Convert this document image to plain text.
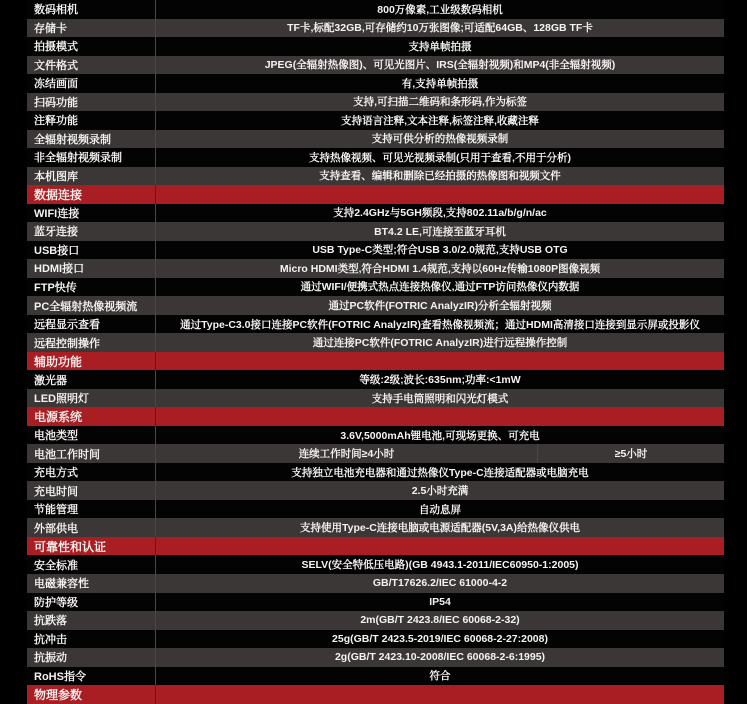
数码相机	800万像素,工业级数码相机
存储卡	TF卡,标配32GB,可存储约10万张图像;可适配64GB、128GB TF卡
拍摄模式	支持单帧拍摄
文件格式	JPEG(全辐射热像图)、可见光图片、IRS(全辐射视频)和MP4(非全辐射视频)
冻结画面	有,支持单帧拍摄
扫码功能	支持,可扫描二维码和条形码,作为标签
注释功能	支持语言注释,文本注释,标签注释,收藏注释
全辐射视频录制	支持可供分析的热像视频录制
非全辐射视频录制	支持热像视频、可见光视频录制(只用于查看,不用于分析)
本机图库	支持查看、编辑和删除已经拍摄的热像图和视频文件
数据连接
WIFI连接	支持2.4GHz与5GH频段,支持802.11a/b/g/n/ac
蓝牙连接	BT4.2 LE,可连接至蓝牙耳机
USB接口	USB Type-C类型;符合USB 3.0/2.0规范,支持USB OTG
HDMI接口	Micro HDMI类型,符合HDMI 1.4规范,支持以60Hz传输1080P图像视频
FTP快传	通过WIFI/便携式热点连接热像仪,通过FTP访问热像仪内数据
PC全辐射热像视频流	通过PC软件(FOTRIC AnalyzIR)分析全辐射视频
远程显示查看	通过Type-C3.0接口连接PC软件(FOTRIC AnalyzIR)查看热像视频流；通过HDMI高清接口连接到显示屏或投影仪
远程控制操作	通过连接PC软件(FOTRIC AnalyzIR)进行远程操作控制
辅助功能
激光器	等级:2级;波长:635nm;功率:<1mW
LED照明灯	支持手电筒照明和闪光灯模式
电源系统
电池类型	3.6V,5000mAh锂电池,可现场更换、可充电
电池工作时间	连续工作时间≥4小时	≥5小时
充电方式	支持独立电池充电器和通过热像仪Type-C连接适配器或电脑充电
充电时间	2.5小时充满
节能管理	自动息屏
外部供电	支持使用Type-C连接电脑或电源适配器(5V,3A)给热像仪供电
可靠性和认证
安全标准	SELV(安全特低压电路)(GB 4943.1-2011/IEC60950-1:2005)
电磁兼容性	GB/T17626.2/IEC 61000-4-2
防护等级	IP54
抗跌落	2m(GB/T 2423.8/IEC 60068-2-32)
抗冲击	25g(GB/T 2423.5-2019/IEC 60068-2-27:2008)
抗振动	2g(GB/T 2423.10-2008/IEC 60068-2-6:1995)
RoHS指令	符合
物理参数
